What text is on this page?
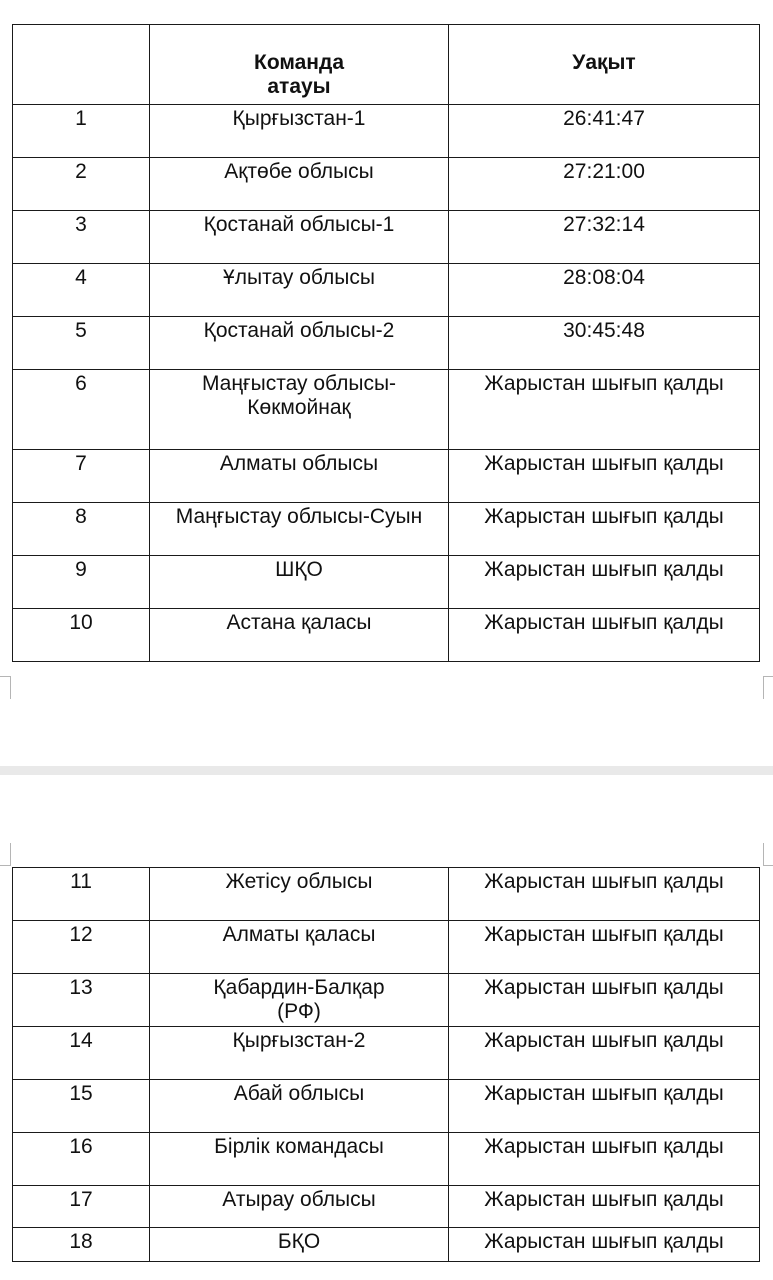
	Команда атауы	Уақыт
1	Қырғызстан-1	26:41:47
2	Ақтөбе облысы	27:21:00
3	Қостанай облысы-1	27:32:14
4	Ұлытау облысы	28:08:04
5	Қостанай облысы-2	30:45:48
6	Маңғыстау облысы-Көкмойнақ	Жарыстан шығып қалды
7	Алматы облысы	Жарыстан шығып қалды
8	Маңғыстау облысы-Суын	Жарыстан шығып қалды
9	ШҚО	Жарыстан шығып қалды
10	Астана қаласы	Жарыстан шығып қалды
11	Жетісу облысы	Жарыстан шығып қалды
12	Алматы қаласы	Жарыстан шығып қалды
13	Қабардин-Балқар (РФ)	Жарыстан шығып қалды
14	Қырғызстан-2	Жарыстан шығып қалды
15	Абай облысы	Жарыстан шығып қалды
16	Бірлік командасы	Жарыстан шығып қалды
17	Атырау облысы	Жарыстан шығып қалды
18	БҚО	Жарыстан шығып қалды
